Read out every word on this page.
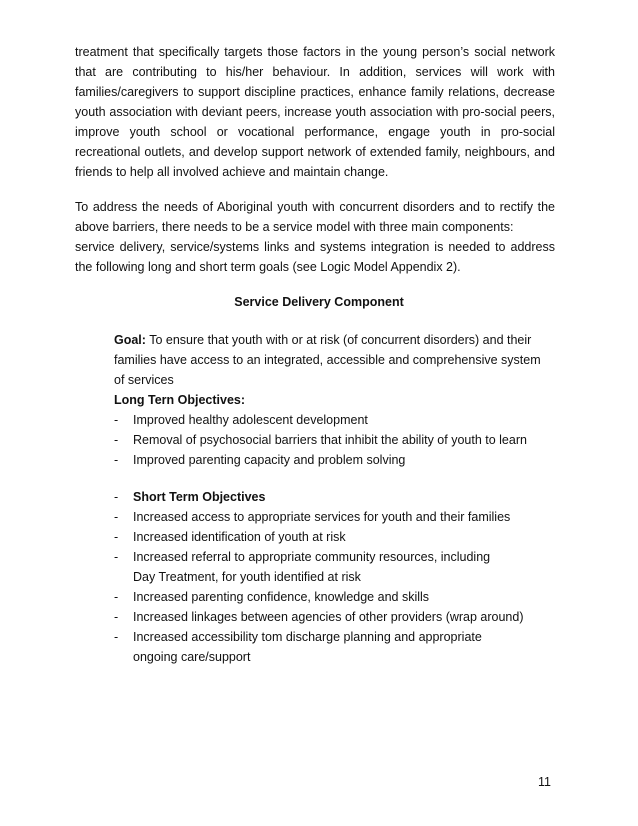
treatment that specifically targets those factors in the young person’s social network
that are contributing to his/her behaviour. In addition, services will work with
families/caregivers to support discipline practices, enhance family relations, decrease
youth association with deviant peers, increase youth association with pro-social peers,
improve youth school or vocational performance, engage youth in pro-social
recreational outlets, and develop support network of extended family, neighbours, and
friends to help all involved achieve and maintain change.
To address the needs of Aboriginal youth with concurrent disorders and to rectify the
above barriers, there needs to be a service model with three main components:
service delivery, service/systems links and systems integration is needed to address
the following long and short term goals (see Logic Model Appendix 2).
Service Delivery Component
Goal: To ensure that youth with or at risk (of concurrent disorders) and their families have access to an integrated, accessible and comprehensive system of services
Long Tern Objectives:
- Improved healthy adolescent development
- Removal of psychosocial barriers that inhibit the ability of youth to learn
- Improved parenting capacity and problem solving
- Short Term Objectives
- Increased access to appropriate services for youth and their families
- Increased identification of youth at risk
- Increased referral to appropriate community resources, including Day Treatment, for youth identified at risk
- Increased parenting confidence, knowledge and skills
- Increased linkages between agencies of other providers (wrap around)
- Increased accessibility tom discharge planning and appropriate ongoing care/support
11
